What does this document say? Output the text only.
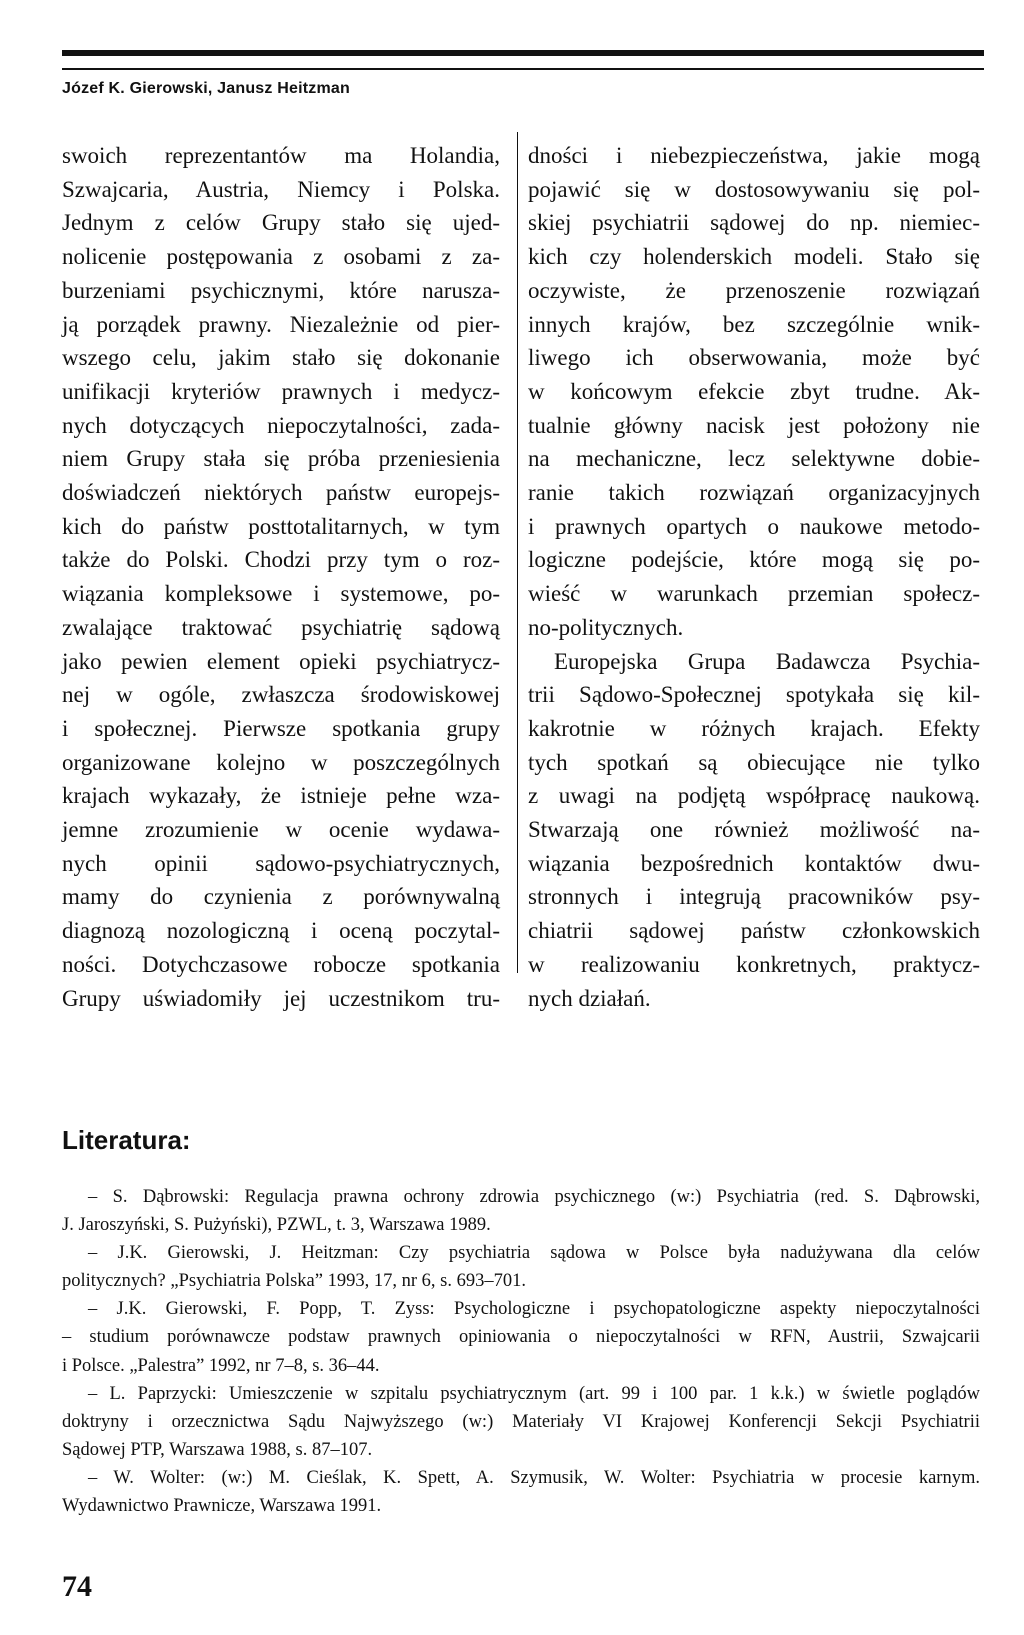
Józef K. Gierowski, Janusz Heitzman
swoich reprezentantów ma Holandia,
Szwajcaria, Austria, Niemcy i Polska.
Jednym z celów Grupy stało się ujed-
nolicenie postępowania z osobami z za-
burzeniami psychicznymi, które narusza-
ją porządek prawny. Niezależnie od pier-
wszego celu, jakim stało się dokonanie
unifikacji kryteriów prawnych i medycz-
nych dotyczących niepoczytalności, zada-
niem Grupy stała się próba przeniesienia
doświadczeń niektórych państw europejs-
kich do państw posttotalitarnych, w tym
także do Polski. Chodzi przy tym o roz-
wiązania kompleksowe i systemowe, po-
zwalające traktować psychiatrię sądową
jako pewien element opieki psychiatrycz-
nej w ogóle, zwłaszcza środowiskowej
i społecznej. Pierwsze spotkania grupy
organizowane kolejno w poszczególnych
krajach wykazały, że istnieje pełne wza-
jemne zrozumienie w ocenie wydawa-
nych opinii sądowo-psychiatrycznych,
mamy do czynienia z porównywalną
diagnozą nozologiczną i oceną poczytal-
ności. Dotychczasowe robocze spotkania
Grupy uświadomiły jej uczestnikom tru-
dności i niebezpieczeństwa, jakie mogą
pojawić się w dostosowywaniu się pol-
skiej psychiatrii sądowej do np. niemiec-
kich czy holenderskich modeli. Stało się
oczywiste, że przenoszenie rozwiązań
innych krajów, bez szczególnie wnik-
liwego ich obserwowania, może być
w końcowym efekcie zbyt trudne. Ak-
tualnie główny nacisk jest położony nie
na mechaniczne, lecz selektywne dobie-
ranie takich rozwiązań organizacyjnych
i prawnych opartych o naukowe metodo-
logiczne podejście, które mogą się po-
wieść w warunkach przemian społecz-
no-politycznych.
Europejska Grupa Badawcza Psychia-
trii Sądowo-Społecznej spotykała się kil-
kakrotnie w różnych krajach. Efekty
tych spotkań są obiecujące nie tylko
z uwagi na podjętą współpracę naukową.
Stwarzają one również możliwość na-
wiązania bezpośrednich kontaktów dwu-
stronnych i integrują pracowników psy-
chiatrii sądowej państw członkowskich
w realizowaniu konkretnych, praktycz-
nych działań.
Literatura:
– S. Dąbrowski: Regulacja prawna ochrony zdrowia psychicznego (w:) Psychiatria (red. S. Dąbrowski,
J. Jaroszyński, S. Pużyński), PZWL, t. 3, Warszawa 1989.
– J.K. Gierowski, J. Heitzman: Czy psychiatria sądowa w Polsce była nadużywana dla celów
politycznych? „Psychiatria Polska” 1993, 17, nr 6, s. 693–701.
– J.K. Gierowski, F. Popp, T. Zyss: Psychologiczne i psychopatologiczne aspekty niepoczytalności
– studium porównawcze podstaw prawnych opiniowania o niepoczytalności w RFN, Austrii, Szwajcarii
i Polsce. „Palestra” 1992, nr 7–8, s. 36–44.
– L. Paprzycki: Umieszczenie w szpitalu psychiatrycznym (art. 99 i 100 par. 1 k.k.) w świetle poglądów
doktryny i orzecznictwa Sądu Najwyższego (w:) Materiały VI Krajowej Konferencji Sekcji Psychiatrii
Sądowej PTP, Warszawa 1988, s. 87–107.
– W. Wolter: (w:) M. Cieślak, K. Spett, A. Szymusik, W. Wolter: Psychiatria w procesie karnym.
Wydawnictwo Prawnicze, Warszawa 1991.
74
